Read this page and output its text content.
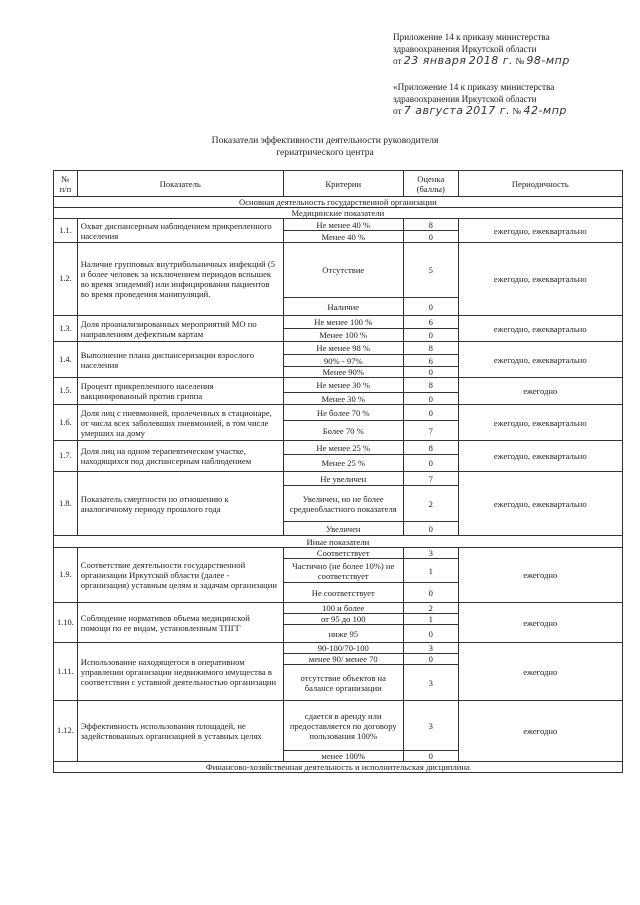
Приложение 14 к приказу министерства
здравоохранения Иркутской области
от 23 января 2018 г. № 98-мпр
«Приложение 14 к приказу министерства
здравоохранения Иркутской области
от 7 августа 2017 г. № 42-мпр
Показатели эффективности деятельности руководителя
гериатрического центра
№ п/п	Показатель	Критерии	Оценка (баллы)	Периодичность
Основная деятельность государственной организации				
Медицинские показатели				
1.1.	Охват диспансерным наблюдением прикрепленного населения	Не менее 40 %	8	ежегодно, ежеквартально
		Менее 40 %	0	
1.2.	Наличие групповых внутрибольничных инфекций (5 и более человек за исключением периодов вспышек во время эпидемий) или инфицирования пациентов во время проведения манипуляций.	Отсутствие	5	ежегодно, ежеквартально
		Наличие	0	
1.3.	Доля проанализированных мероприятий МО по направлениям дефектным картам	Не менее 100 %	6	ежегодно, ежеквартально
		Менее 100 %	0	
1.4.	Выполнение плана диспансеризации взрослого населения	Не менее 98 %	8	ежегодно, ежеквартально
		90% - 97%	6	
		Менее 90%	0	
1.5.	Процент прикрепленного населения вакцинированный против гриппа	Не менее 30 %	8	ежегодно
		Менее 30 %	0	
1.6.	Доля лиц с пневмонией, пролеченных в стационаре, от числа всех заболевших пневмонией, в том числе умерших на дому	Не более 70 %	0	ежегодно, ежеквартально
		Более 70 %	7	
1.7.	Доля лиц на одном терапевтическом участке, находящихся под диспансерным наблюдением	Не менее 25 %	8	ежегодно, ежеквартально
		Менее 25 %	0	
1.8.	Показатель смертности по отношению к аналогичному периоду прошлого года	Не увеличен	7	ежегодно, ежеквартально
		Увеличен, но не более среднеобластного показателя	2	
		Увеличен	0	
Иные показатели				
1.9.	Соответствие деятельности государственной организации Иркутской области (далее - организация) уставным целям и задачам организации	Соответствует	3	ежегодно
		Частично (не более 10%) не соответствует	1	
		Не соответствует	0	
1.10.	Соблюдение нормативов объема медицинской помощи по ее видам, установленным ТПГГ	100 и более	2	ежегодно
		от 95 до 100	1	
		ниже 95	0	
1.11.	Использование находящегося в оперативном управлении организации недвижимого имущества в соответствии с уставной деятельностью организации	90-100/70-100	3	ежегодно
		менее 90/ менее 70	0	
		отсутствие объектов на балансе организации	3	
1.12.	Эффективность использования площадей, не задействованных организацией в уставных целях	сдается в аренду или предоставляется по договору пользования 100%	3	ежегодно
		менее 100%	0	
Финансово-хозяйственная деятельность и исполнительская дисциплина				
